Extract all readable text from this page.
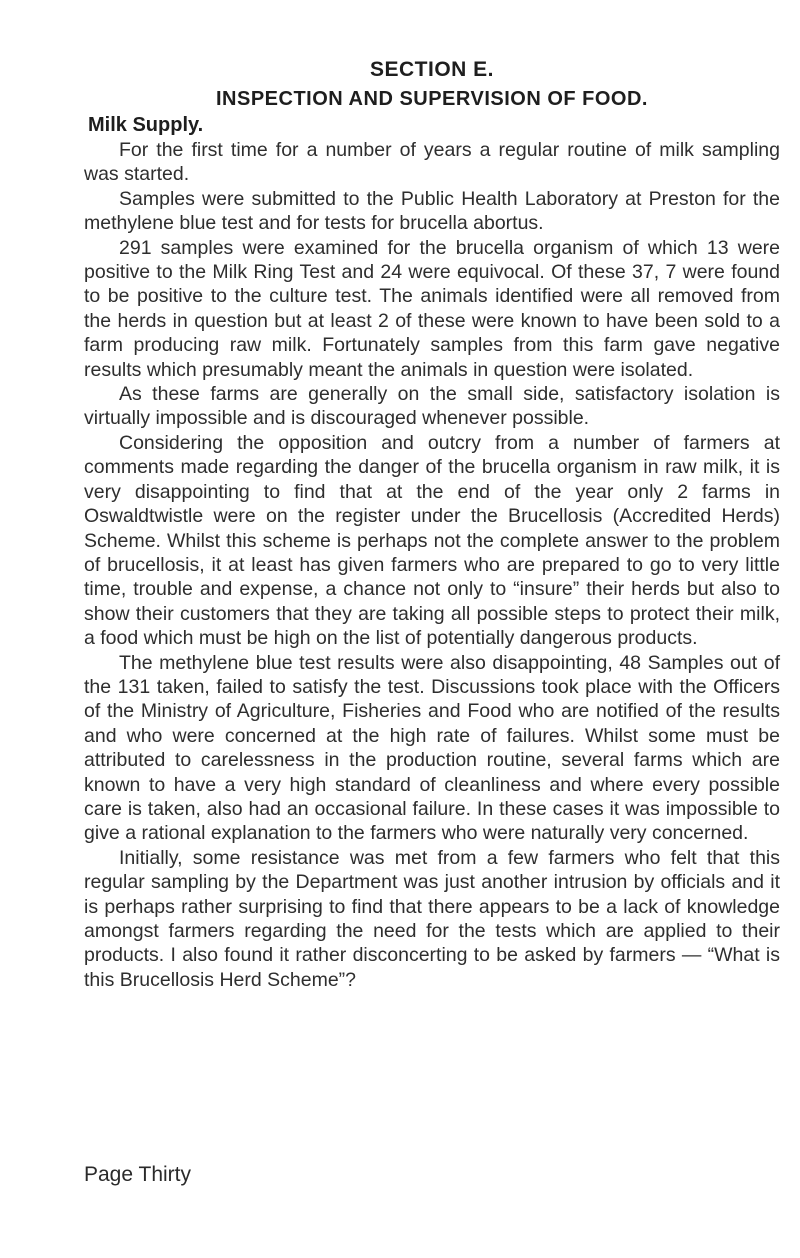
SECTION E.
INSPECTION AND SUPERVISION OF FOOD.
Milk Supply.

For the first time for a number of years a regular routine of milk sampling was started.

Samples were submitted to the Public Health Laboratory at Preston for the methylene blue test and for tests for brucella abortus.

291 samples were examined for the brucella organism of which 13 were positive to the Milk Ring Test and 24 were equivocal. Of these 37, 7 were found to be positive to the culture test. The animals identified were all removed from the herds in question but at least 2 of these were known to have been sold to a farm producing raw milk. Fortunately samples from this farm gave negative results which presumably meant the animals in question were isolated.

As these farms are generally on the small side, satisfactory isolation is virtually impossible and is discouraged whenever possible.

Considering the opposition and outcry from a number of farmers at comments made regarding the danger of the brucella organism in raw milk, it is very disappointing to find that at the end of the year only 2 farms in Oswaldtwistle were on the register under the Brucellosis (Accredited Herds) Scheme. Whilst this scheme is perhaps not the complete answer to the problem of brucellosis, it at least has given farmers who are prepared to go to very little time, trouble and expense, a chance not only to “insure” their herds but also to show their customers that they are taking all possible steps to protect their milk, a food which must be high on the list of potentially dangerous products.

The methylene blue test results were also disappointing, 48 Samples out of the 131 taken, failed to satisfy the test. Discussions took place with the Officers of the Ministry of Agriculture, Fisheries and Food who are notified of the results and who were concerned at the high rate of failures. Whilst some must be attributed to carelessness in the production routine, several farms which are known to have a very high standard of cleanliness and where every possible care is taken, also had an occasional failure. In these cases it was impossible to give a rational explanation to the farmers who were naturally very concerned.

Initially, some resistance was met from a few farmers who felt that this regular sampling by the Department was just another intrusion by officials and it is perhaps rather surprising to find that there appears to be a lack of knowledge amongst farmers regarding the need for the tests which are applied to their products. I also found it rather disconcerting to be asked by farmers — “What is this Brucellosis Herd Scheme”?

Page Thirty
